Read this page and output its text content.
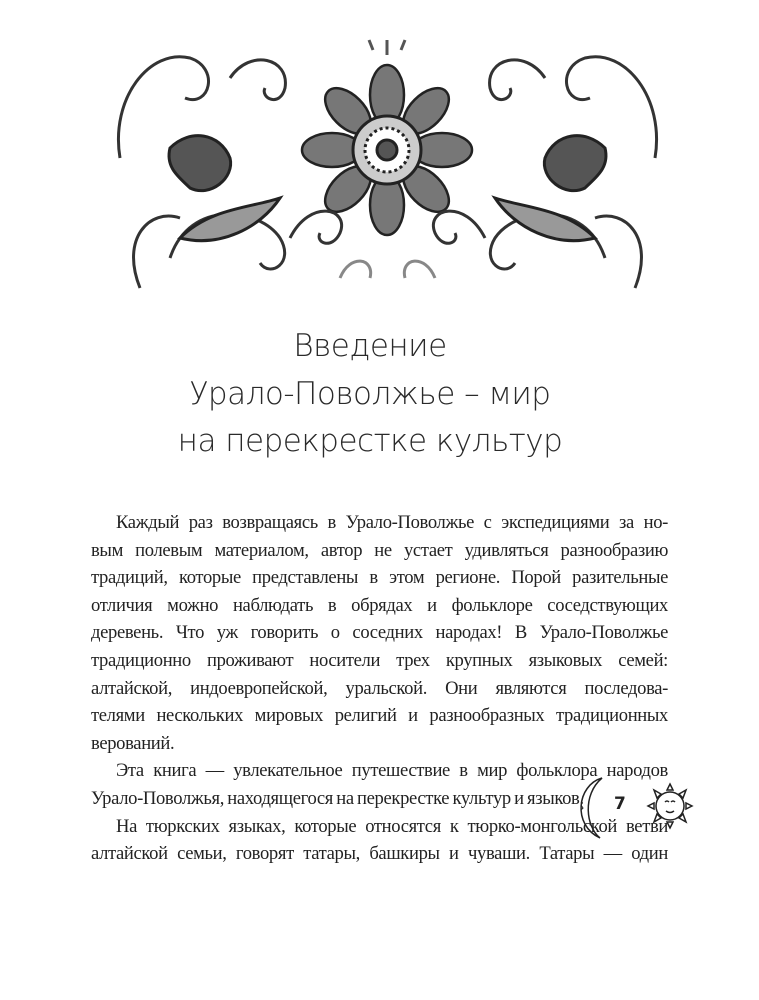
Введение
Урало-Поволжье – мир
на перекрестке культур
Каждый раз возвращаясь в Урало-Поволжье с экспедициями за но-
вым полевым материалом, автор не устает удивляться разнообразию
традиций, которые представлены в этом регионе. Порой разительные
отличия можно наблюдать в обрядах и фольклоре соседствующих
деревень. Что уж говорить о соседних народах! В Урало-Поволжье
традиционно проживают носители трех крупных языковых семей:
алтайской, индоевропейской, уральской. Они являются последова-
телями нескольких мировых религий и разнообразных традиционных
верований.
Эта книга — увлекательное путешествие в мир фольклора народов
Урало-Поволжья, находящегося на перекрестке культур и языков.
На тюркских языках, которые относятся к тюрко-монгольской ветви
алтайской семьи, говорят татары, башкиры и чуваши. Татары — один
7
